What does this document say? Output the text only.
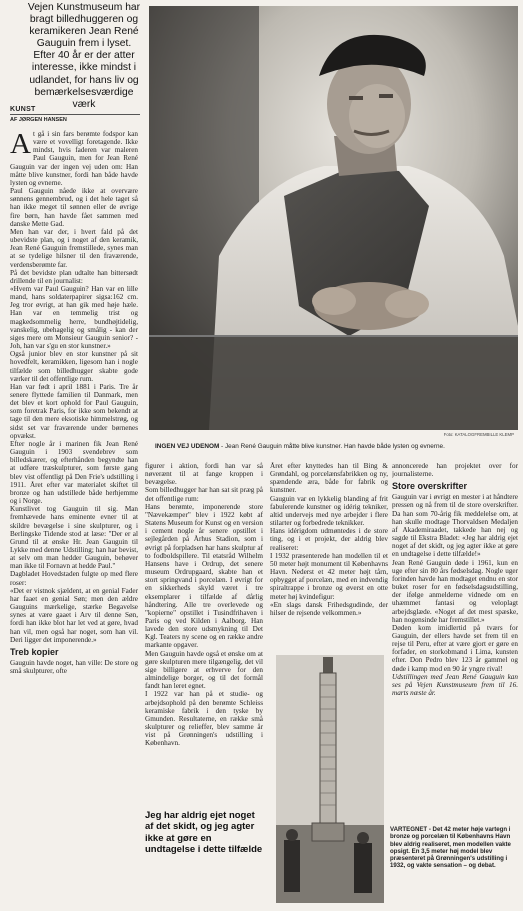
Vejen Kunstmuseum har bragt billedhuggeren og keramikeren Jean René Gauguin frem i lyset. Efter 40 år er der atter interesse, ikke mindst i udlandet, for hans liv og bemærkelsesværdige værk
KUNST
AF JØRGEN HANSEN
Foto: KATALOGFREMBILLE KLEMP
INGEN VEJ UDENOM - Jean René Gauguin måtte blive kunstner. Han havde både lysten og evnerne.

At gå i sin fars berømte fodspor kan være et vovelligt foretagende. Ikke mindst, hvis faderen var maleren Paul Gauguin, men for Jean René Gauguin var der ingen vej uden om: Han måtte blive kunstner, fordi han både havde lysten og evnerne.

Paul Gauguin nåede ikke at overvære sønnens gennembrud, og i det hele taget så han ikke meget til sønnen eller de øvrige fire børn, han havde fået sammen med danske Mette Gad.

Men han var der, i hvert fald på det ubevidste plan, og i noget af den keramik, Jean René Gauguin fremstillede, synes man at se tydelige hilsner til den fraværende, verdensberømte far.

På det bevidste plan udtalte han bittersødt drillende til en journalist:

«Hvem var Paul Gauguin? Han var en lille mand, hans soldaterpapirer sigsa:162 cm. Jeg tror øvrigt, at han gik med høje hæle. Han var en temmelig trist og magkedsommelig herre, bundhøjtidelig, vanskelig, ubehagelig og smålig - kan der siges mere om Monsieur Gauguin senior? - Joh, han var s'gu en stor kunstner.»

Også junior blev en stor kunstner på sit hovedfelt, keramikken, ligesom han i nogle tilfælde som billedhugger skabte gode værker til det offentlige rum.

Han var født i april 1881 i Paris. Tre år senere flyttede familien til Danmark, men det blev et kort ophold for Paul Gauguin, som foretrak Paris, for ikke som bekendt at tage til den mere eksotiske himmelstrøg, og sidst set var fraværende under børnenes opvækst.

Efter nogle år i marinen fik Jean René Gauguin i 1903 svendebrev som billedskærer, og efterhånden begyndte han at udføre træskulpturer, som første gang blev vist offentligt på Den Frie's udstilling i 1911. Året efter var materialet skiftet til bronze og han udstillede både herhjemme og i Norge.

Kunstlivet tog Gauguin til sig. Man fremhævede hans eminente evner til at skildre bevægelse i sine skulpturer, og i Berlingske Tidende stod at læse: "Der er al Grund til at ønske Hr. Jean Gauguin til Lykke med denne Udstilling; han har bevist, at selv om man hedder Gauguin, behøver man ikke til Fornavn at hedde Paul."

Dagbladet Hovedstaden fulgte op med flere roser:

«Det er vistnok sjældent, at en genial Fader har faaet en genial Søn; men den ældre Gauguins mærkelige, stærke Begavelse synes at være gaaet i Arv til denne Søn, fordi han ikke blot har let ved at gøre, hvad han vil, men også har noget, som han vil. Deri ligger det imponerende.»

Treb kopier

Gauguin havde noget, han ville: De store og små skulpturer, ofte

figurer i aktion, fordi han var så nøverænt til at fange kroppen i bevægelse.

Som billedhugger har han sat sit præg på det offentlige rum:

Hans berømte, imponerende store "Nævekæmper" blev i 1922 købt af Statens Museum for Kunst og en version i cement nogle år senere opstillet i sejlegården på Århus Stadion, som i øvrigt på forpladsen har hans skulptur af to fodboldspillere. Til etatsråd Wilhelm Hansens have i Ordrup, det senere museum Ordrupgaard, skabte han et stort springvand i porcelæn. I øvrigt for en sikkerheds skyld været i tre eksemplarer i tilfælde af dårlig håndtering. Alle tre overlevede og "kopierne" opstillet i Tusindfrihaven i Paris og ved Kilden i Aalborg. Han lavede den store udsmykning til Det Kgl. Teaters ny scene og en række andre markante opgaver.

Men Gauguin havde også et ønske om at gøre skulpturen mere tilgængelig, det vil sige billigere at erhverve for den almindelige borger, og til det formål fandt han leret egnet.

I 1922 var han på et studie- og arbejdsophold på den berømte Schleiss keramiske fabrik i den tyske by Gmunden. Resultaterne, en række små skulpturer og relieffer, blev samme år vist på Grønningen's udstilling i København.

Jeg har aldrig ejet noget af det skidt, og jeg agter ikke at gøre en undtagelse i dette tilfælde

Året efter knyttedes han til Bing & Grøndahl, og porcelænsfabrikken og ny, spændende æra, både for fabrik og kunstner.

Gauguin var en lykkelig blanding af frit fabulerende kunstner og idérig tekniker, altid undervejs med nye arbejder i flere stilarter og forbedrede teknikker.

Hans idérigdom udmøntedes i de store ting, og i et projekt, der aldrig blev realiseret:

I 1932 præsenterede han modellen til et 50 meter højt monument til Københavns Havn. Nederst et 42 meter højt tårn, opbygget af porcelæn, med en indvendig spiraltrappe i bronze og øverst en otte meter høj kvindefigur:

«En slags dansk Frihedsgudinde, der hilser de rejsende velkommen.»

VARTEGNET - Det 42 meter høje vartegn i bronze og porcelæn til Københavns Havn blev aldrig realiseret, men modellen vakte opsigt. En 3,5 meter høj model blev præsenteret på Grønningen's udstilling i 1932, og vakte sensation – og debat.

annoncerede han projektet over for journalisterne.

Store overskrifter

Gauguin var i øvrigt en mester i at håndtere pressen og nå frem til de store overskrifter. Da han som 70-årig fik meddelelse om, at han skulle modtage Thorvaldsen Medaljen af Akademiraadet, takkede han nej og sagde til Ekstra Bladet: «Jeg har aldrig ejet noget af det skidt, og jeg agter ikke at gøre en undtagelse i dette tilfælde!»

Jean René Gauguin døde i 1961, kun en uge efter sin 80 års fødselsdag. Nogle uger forinden havde han modtaget endnu en stor buket roser for en fødselsdagsudstilling, der ifølge anmelderne vidnede om en uhæmmet fantasi og veloplagt arbejdsglæde. «Noget af det mest spæske, han nogensinde har fremstillet.»

Døden kom imidlertid på tværs for Gauguin, der ellers havde set frem til en rejse til Peru, efter at være gjort er gøre en forfader, en storkobmand i Lima, kunsten efter. Don Pedro blev 123 år gammel og døde i kamp mod en 90 år yngre rival!

Udstillingen med Jean René Gauguin kan ses på Vejen Kunstmuseum frem til 16. marts næste år.
